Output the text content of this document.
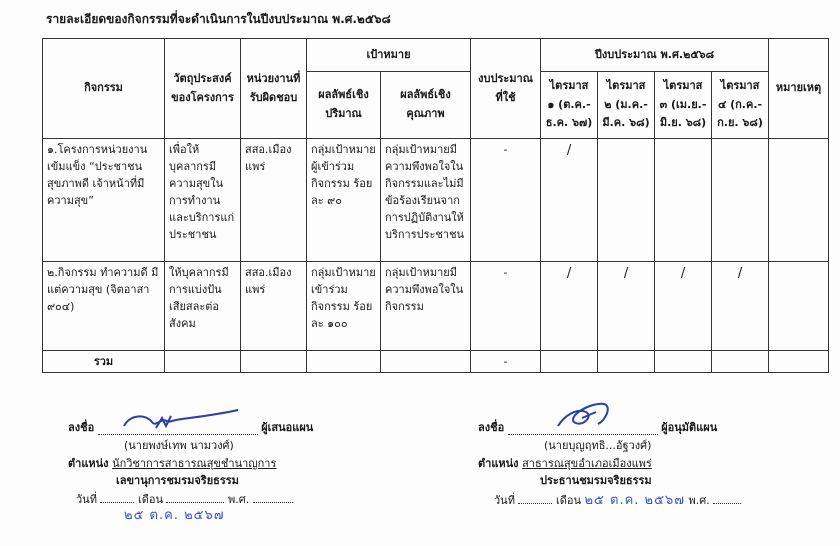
รายละเอียดของกิจกรรมที่จะดำเนินการในปีงบประมาณ พ.ศ.๒๕๖๘
กิจกรรม	วัตถุประสงค์ของโครงการ	หน่วยงานที่รับผิดชอบ	เป้าหมาย		งบประมาณที่ใช้	ปีงบประมาณ พ.ศ.๒๕๖๘				หมายเหตุ
			ผลลัพธ์เชิงปริมาณ	ผลลัพธ์เชิงคุณภาพ		ไตรมาส ๑ (ต.ค.-ธ.ค. ๖๗)	ไตรมาส ๒ (ม.ค.-มี.ค. ๖๘)	ไตรมาส ๓ (เม.ย.-มิ.ย. ๖๘)	ไตรมาส ๔ (ก.ค.-ก.ย. ๖๘)	
๑.โครงการหน่วยงานเข้มแข็ง “ประชาชนสุขภาพดี เจ้าหน้าที่มีความสุข”	เพื่อให้บุคลากรมีความสุขในการทำงานและบริการแก่ประชาชน	สสอ.เมืองแพร่	กลุ่มเป้าหมายผู้เข้าร่วมกิจกรรม ร้อยละ ๙๐	กลุ่มเป้าหมายมีความพึงพอใจในกิจกรรมและไม่มีข้อร้องเรียนจากการปฏิบัติงานให้บริการประชาชน	-	/				
๒.กิจกรรม ทำความดี มีแต่ความสุข (จิตอาสา ๙๐๔)	ให้บุคลากรมีการแบ่งปันเสียสละต่อสังคม	สสอ.เมืองแพร่	กลุ่มเป้าหมายเข้าร่วมกิจกรรม ร้อยละ ๑๐๐	กลุ่มเป้าหมายมีความพึงพอใจในกิจกรรม	-	/	/	/	/	
รวม					-					
ลงชื่อ	ผู้เสนอแผน
(นายพงษ์เทพ นามวงศ์)
ตำแหน่ง นักวิชาการสาธารณสุขชำนาญการ
เลขานุการชมรมจริยธรรม
วันที่	เดือน	พ.ศ.
๒๕ ต.ค. ๒๕๖๗
ลงชื่อ	ผู้อนุมัติแผน
(นายบุญฤทธิ...อัฐวงศ์)
ตำแหน่ง สาธารณสุขอำเภอเมืองแพร่
ประธานชมรมจริยธรรม
วันที่	เดือน ๒๕ ต.ค. ๒๕๖๗ พ.ศ.
